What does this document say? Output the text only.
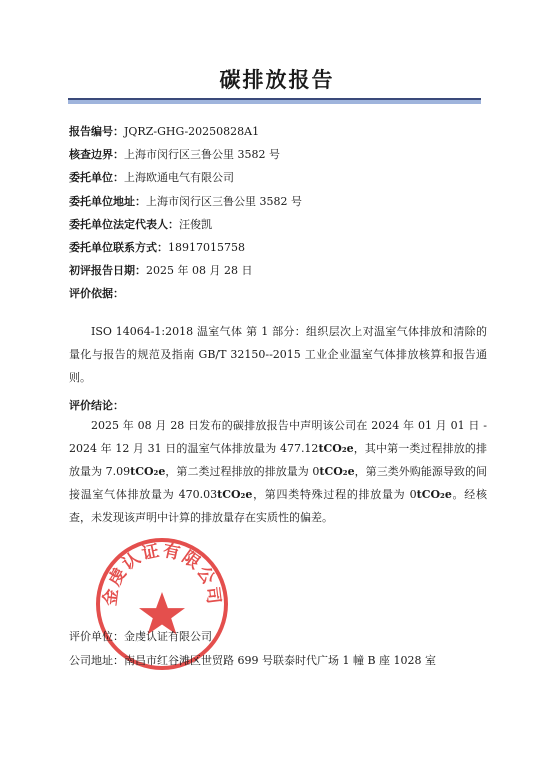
碳排放报告
报告编号：JQRZ-GHG-20250828A1
核查边界：上海市闵行区三鲁公里 3582 号
委托单位：上海欧通电气有限公司
委托单位地址：上海市闵行区三鲁公里 3582 号
委托单位法定代表人：汪俊凯
委托单位联系方式：18917015758
初评报告日期：2025 年 08 月 28 日
评价依据：

ISO 14064-1:2018 温室气体 第 1 部分：组织层次上对温室气体排放和清除的量化与报告的规范及指南 GB/T 32150--2015 工业企业温室气体排放核算和报告通则。

评价结论：

2025 年 08 月 28 日发布的碳排放报告中声明该公司在 2024 年 01 月 01 日 - 2024 年 12 月 31 日的温室气体排放量为 477.12tCO₂e，其中第一类过程排放的排放量为 7.09tCO₂e，第二类过程排放的排放量为 0tCO₂e，第三类外购能源导致的间接温室气体排放量为 470.03tCO₂e，第四类特殊过程的排放量为 0tCO₂e。经核查，未发现该声明中计算的排放量存在实质性的偏差。

金虔认证有限公司
评价单位：金虔认证有限公司
公司地址：南昌市红谷滩区世贸路 699 号联泰时代广场 1 幢 B 座 1028 室
